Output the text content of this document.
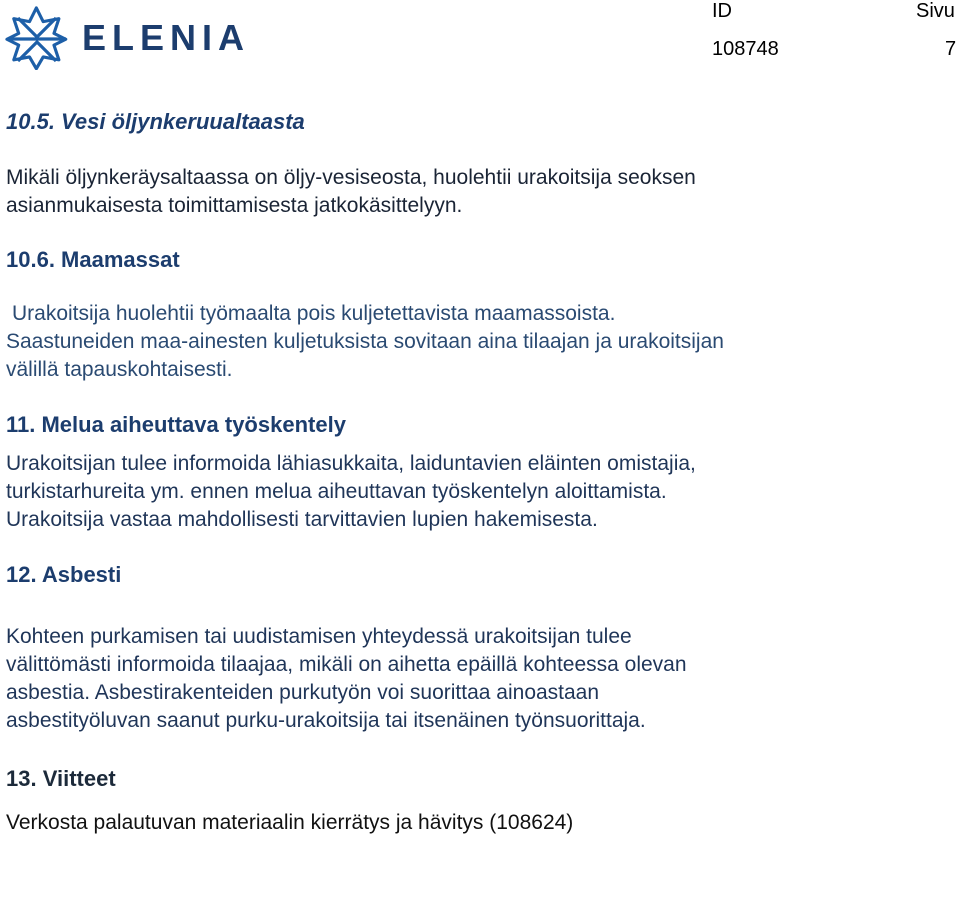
ELENIA
ID	Sivu
108748	7
10.5. Vesi öljynkeruualtaasta

Mikäli öljynkeräysaltaassa on öljy-vesiseosta, huolehtii urakoitsija seoksen

asianmukaisesta toimittamisesta jatkokäsittelyyn.

10.6. Maamassat

Urakoitsija huolehtii työmaalta pois kuljetettavista maamassoista.

Saastuneiden maa-ainesten kuljetuksista sovitaan aina tilaajan ja urakoitsijan

välillä tapauskohtaisesti.

11. Melua aiheuttava työskentely

Urakoitsijan tulee informoida lähiasukkaita, laiduntavien eläinten omistajia,

turkistarhureita ym. ennen melua aiheuttavan työskentelyn aloittamista.

Urakoitsija vastaa mahdollisesti tarvittavien lupien hakemisesta.

12. Asbesti

Kohteen purkamisen tai uudistamisen yhteydessä urakoitsijan tulee

välittömästi informoida tilaajaa, mikäli on aihetta epäillä kohteessa olevan

asbestia. Asbestirakenteiden purkutyön voi suorittaa ainoastaan

asbestityöluvan saanut purku-urakoitsija tai itsenäinen työnsuorittaja.

13. Viitteet

Verkosta palautuvan materiaalin kierrätys ja hävitys (108624)
